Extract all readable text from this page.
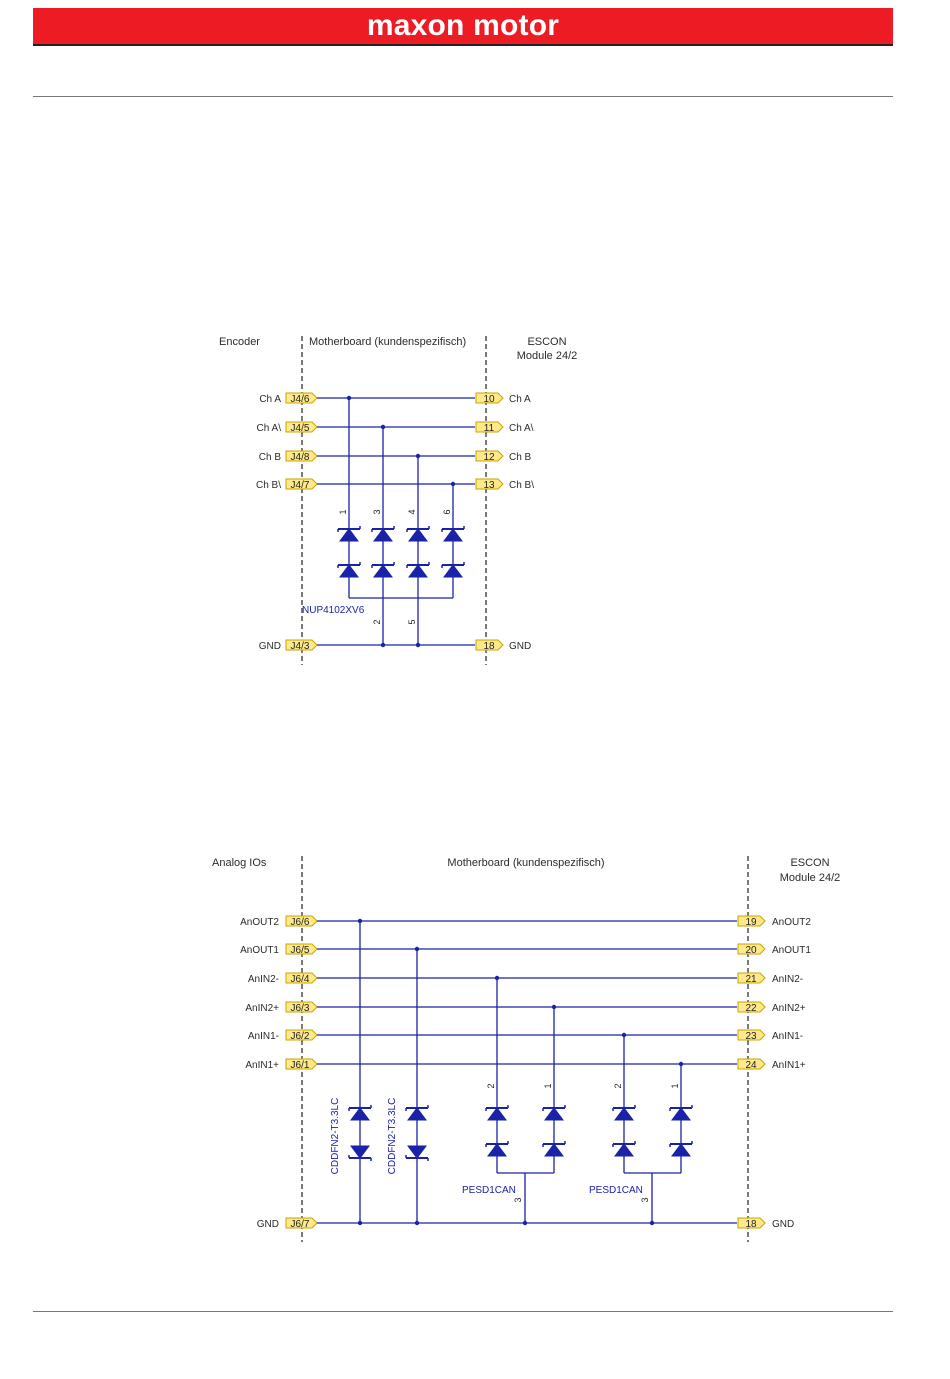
maxon motor
Encoder	Motherboard (kundenspezifisch)	ESCON
Module 24/2
Ch A J4/6	10 Ch A
Ch A\ J4/5	11 Ch A\
Ch B J4/8	12 Ch B
Ch B\ J4/7	13 Ch B\
GND J4/3	18 GND
1	3	4	6
2	5
NUP4102XV6
Analog IOs	Motherboard (kundenspezifisch)	ESCON
Module 24/2
AnOUT2 J6/6	19 AnOUT2
AnOUT1 J6/5	20 AnOUT1
AnIN2- J6/4	21 AnIN2-
AnIN2+ J6/3	22 AnIN2+
AnIN1- J6/2	23 AnIN1-
AnIN1+ J6/1	24 AnIN1+
GND J6/7	18 GND
CDDFN2-T3.3LC	CDDFN2-T3.3LC
2	1
3
PESD1CAN
2	1
3
PESD1CAN
